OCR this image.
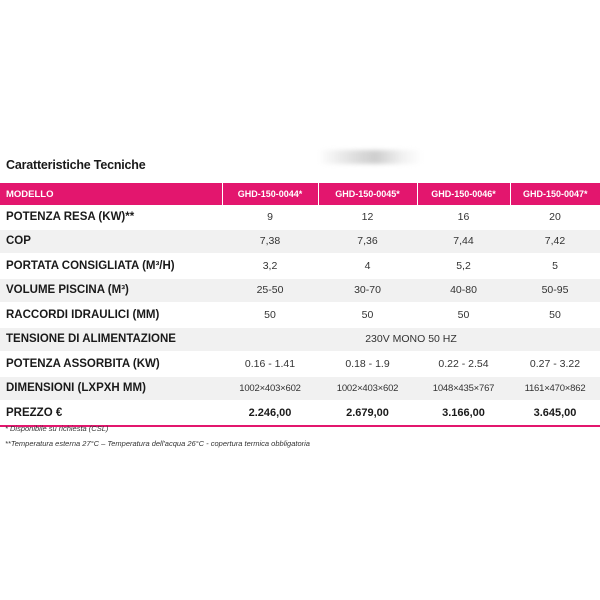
Caratteristiche Tecniche
MODELLO	GHD-150-0044*	GHD-150-0045*	GHD-150-0046*	GHD-150-0047*
POTENZA RESA (KW)**	9	12	16	20
COP	7,38	7,36	7,44	7,42
PORTATA CONSIGLIATA (M³/H)	3,2	4	5,2	5
VOLUME PISCINA (M³)	25-50	30-70	40-80	50-95
RACCORDI IDRAULICI (MM)	50	50	50	50
TENSIONE DI ALIMENTAZIONE	230V MONO 50 HZ			
POTENZA ASSORBITA (KW)	0.16 - 1.41	0.18 - 1.9	0.22 - 2.54	0.27 - 3.22
DIMENSIONI (LXPXH MM)	1002×403×602	1002×403×602	1048×435×767	1161×470×862
PREZZO €	2.246,00	2.679,00	3.166,00	3.645,00
* Disponibile su richiesta (CSL)
**Temperatura esterna 27°C – Temperatura dell'acqua 26°C - copertura termica obbligatoria
